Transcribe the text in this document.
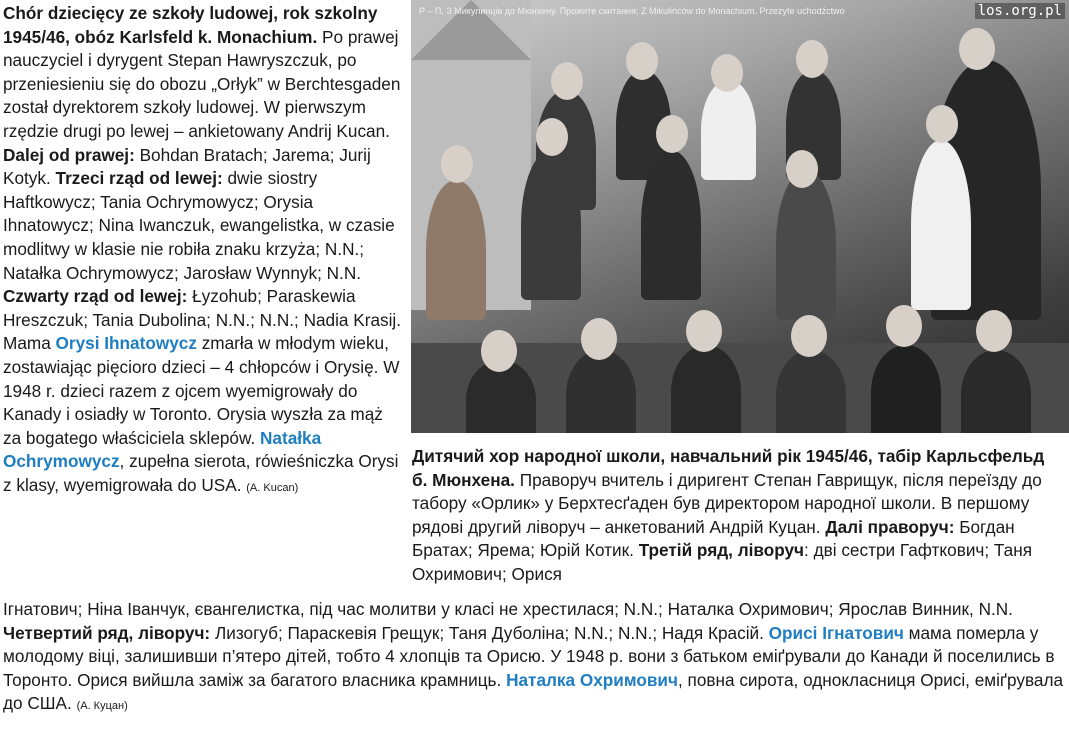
Chór dziecięcy ze szkoły ludowej, rok szkolny 1945/46, obóz Karlsfeld k. Monachium. Po prawej nauczyciel i dyrygent Stepan Hawryszczuk, po przeniesieniu się do obozu „Orłyk” w Berchtesgaden został dyrektorem szkoły ludowej. W pierwszym rzędzie drugi po lewej – ankietowany Andrij Kucan. Dalej od prawej: Bohdan Bratach; Jarema; Jurij Kotyk. Trzeci rząd od lewej: dwie siostry Haftkowycz; Tania Ochrymowycz; Orysia Ihnatowycz; Nina Iwanczuk, ewangelistka, w czasie modlitwy w klasie nie robiła znaku krzyża; N.N.; Natałka Ochrymowycz; Jarosław Wynnyk; N.N. Czwarty rząd od lewej: Łyzohub; Paraskewia Hreszczuk; Tania Dubolina; N.N.; N.N.; Nadia Krasij. Mama Orysi Ihnatowycz zmarła w młodym wieku, zostawiając pięcioro dzieci – 4 chłopców i Orysię. W 1948 r. dzieci razem z ojcem wyemigrowały do Kanady i osiadły w Toronto. Orysia wyszła za mąż za bogatego właściciela sklepów. Natałka Ochrymowycz, zupełna sierota, rówieśniczka Orysi z klasy, wyemigrowała do USA. (A. Kucan)
P – П. З Микулинців до Мюнхену. Прожите скитання; Z Mikulińców do Monachium. Przeżyte uchodźctwo	los.org.pl
Дитячий хор народної школи, навчальний рік 1945/46, табір Карльсфельд б. Мюнхена. Праворуч вчитель і диригент Степан Гаврищук, після переїзду до табору «Орлик» у Берхтесґаден був директором народної школи. В першому рядові другий ліворуч – анкетований Андрій Куцан. Далі праворуч: Богдан Братах; Ярема; Юрій Котик. Третій ряд, ліворуч: дві сестри Гафткович; Таня Охримович; Орися
Ігнатович; Ніна Іванчук, євангелистка, під час молитви у класі не хрестилася; N.N.; Наталка Охримович; Ярослав Винник, N.N. Четвертий ряд, ліворуч: Лизогуб; Параскевія Грещук; Таня Дуболіна; N.N.; N.N.; Надя Красій. Орисі Ігнатович мама померла у молодому віці, залишивши п’ятеро дітей, тобто 4 хлопців та Орисю. У 1948 р. вони з батьком еміґрували до Канади й поселились в Торонто. Орися вийшла заміж за багатого власника крамниць. Наталка Охримович, повна сирота, однокласниця Орисі, еміґрувала до США. (А. Куцан)
